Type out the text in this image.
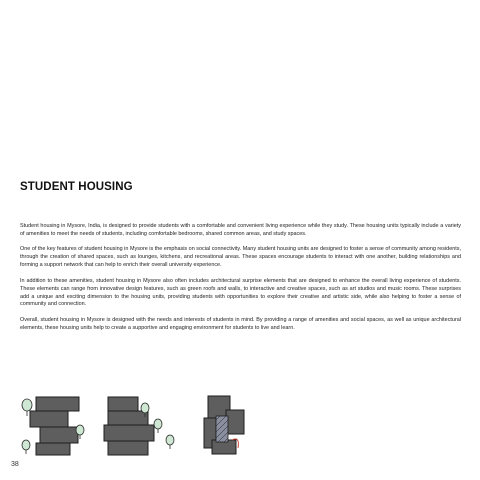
STUDENT HOUSING

Student housing in Mysore, India, is designed to provide students with a comfortable and convenient living experience while they study. These housing units typically include a variety of amenities to meet the needs of students, including comfortable bedrooms, shared common areas, and study spaces.

One of the key features of student housing in Mysore is the emphasis on social connectivity. Many student housing units are designed to foster a sense of community among residents, through the creation of shared spaces, such as lounges, kitchens, and recreational areas. These spaces encourage students to interact with one another, building relationships and forming a support network that can help to enrich their overall university experience.

In addition to these amenities, student housing in Mysore also often includes architectural surprise elements that are designed to enhance the overall living experience of students. These elements can range from innovative design features, such as green roofs and walls, to interactive and creative spaces, such as art studios and music rooms. These surprises add a unique and exciting dimension to the housing units, providing students with opportunities to explore their creative and artistic side, while also helping to foster a sense of community and connection.

Overall, student housing in Mysore is designed with the needs and interests of students in mind. By providing a range of amenities and social spaces, as well as unique architectural elements, these housing units help to create a supportive and engaging environment for students to live and learn.

38
